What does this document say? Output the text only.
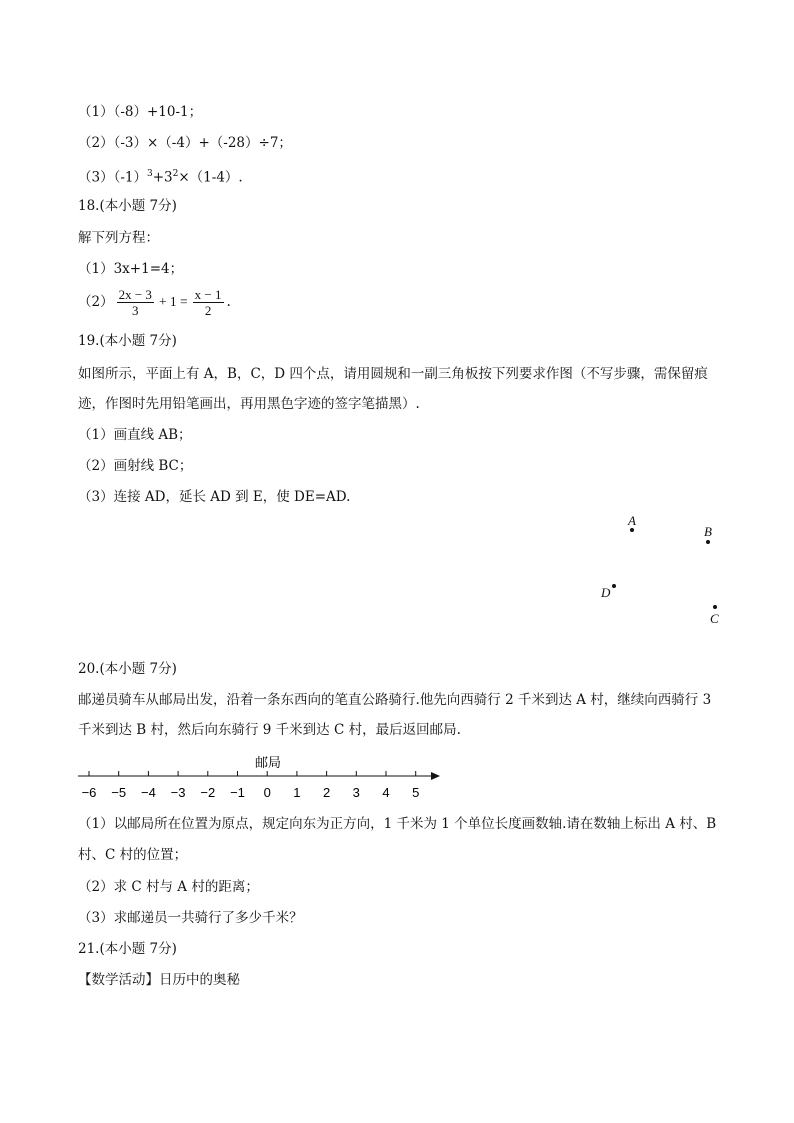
（1）（-8）+10-1；
（2）（-3）×（-4）+（-28）÷7；
$(3)(-1)^3+3^2\times(1-4)$.
18.(本小题 7分)
解下列方程：
（1）3x+1=4；
$(2) \frac{2x - 3}{3} + 1 = \frac{x - 1}{2}$ .
19.(本小题 7分)
如图所示，平面上有 A，B，C，D 四个点，请用圆规和一副三角板按下列要求作图（不写步骤，需保留痕
迹，作图时先用铅笔画出，再用黑色字迹的签字笔描黑）.
（1）画直线 AB；
（2）画射线 BC；
（3）连接 AD，延长 AD 到 E，使 DE=AD.
A
B
D
C
20.(本小题 7分)
邮递员骑车从邮局出发，沿着一条东西向的笔直公路骑行.他先向西骑行 2 千米到达 A 村，继续向西骑行 3
千米到达 B 村，然后向东骑行 9 千米到达 C 村，最后返回邮局.
邮局
−6 −5 −4 −3 −2 −1 0 1 2 3 4 5
（1）以邮局所在位置为原点，规定向东为正方向，1 千米为 1 个单位长度画数轴.请在数轴上标出 A 村、B
村、C 村的位置；
（2）求 C 村与 A 村的距离；
（3）求邮递员一共骑行了多少千米？
21.(本小题 7分)
【数学活动】日历中的奥秘
